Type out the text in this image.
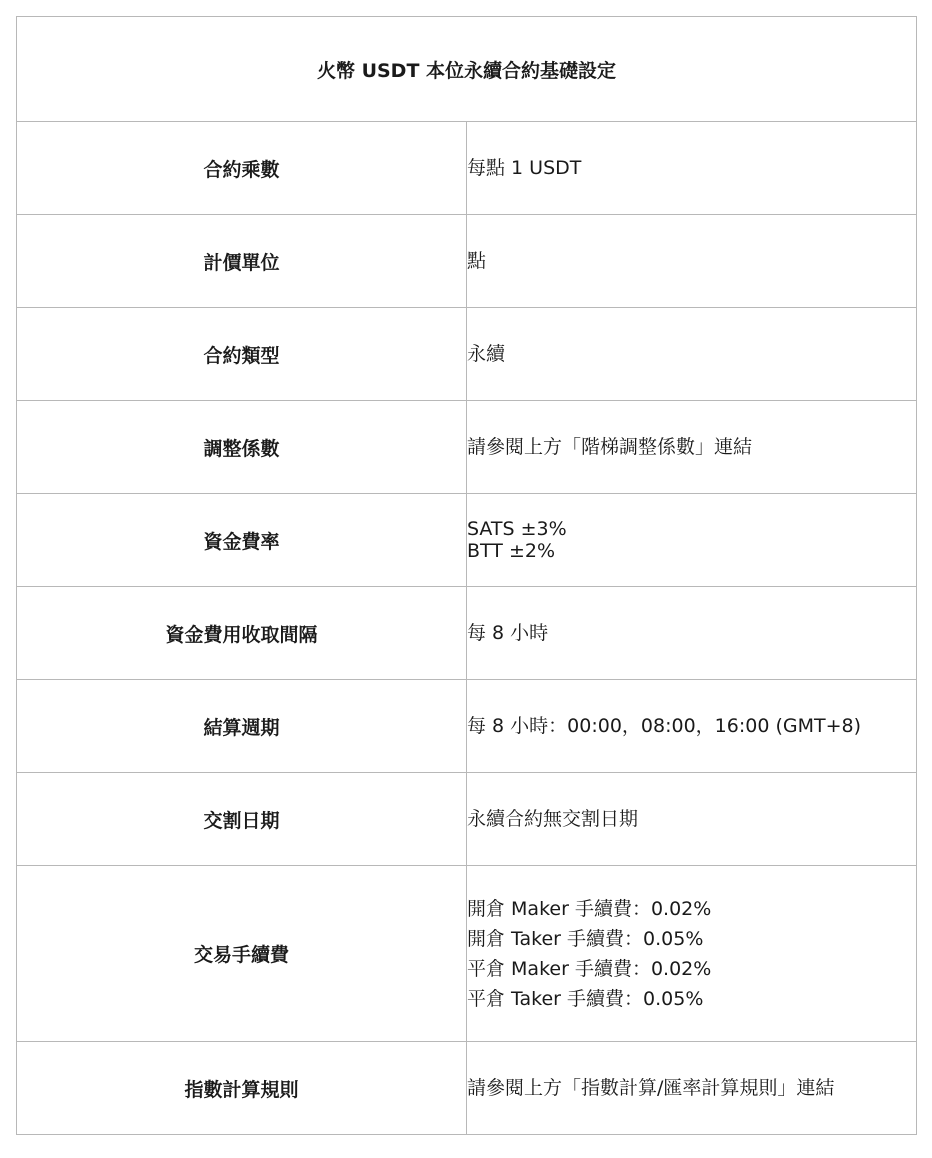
火幣 USDT 本位永續合約基礎設定	
合約乘數	每點 1 USDT

計價單位	點

合約類型	永續

調整係數	請參閱上方「階梯調整係數」連結

資金費率	SATS ±3%
BTT ±2%

資金費用收取間隔	每 8 小時

結算週期	每 8 小時：00:00，08:00，16:00 (GMT+8)

交割日期	永續合約無交割日期

交易手續費	開倉 Maker 手續費：0.02%
開倉 Taker 手續費：0.05%
平倉 Maker 手續費：0.02%
平倉 Taker 手續費：0.05%

指數計算規則	請參閱上方「指數計算/匯率計算規則」連結
